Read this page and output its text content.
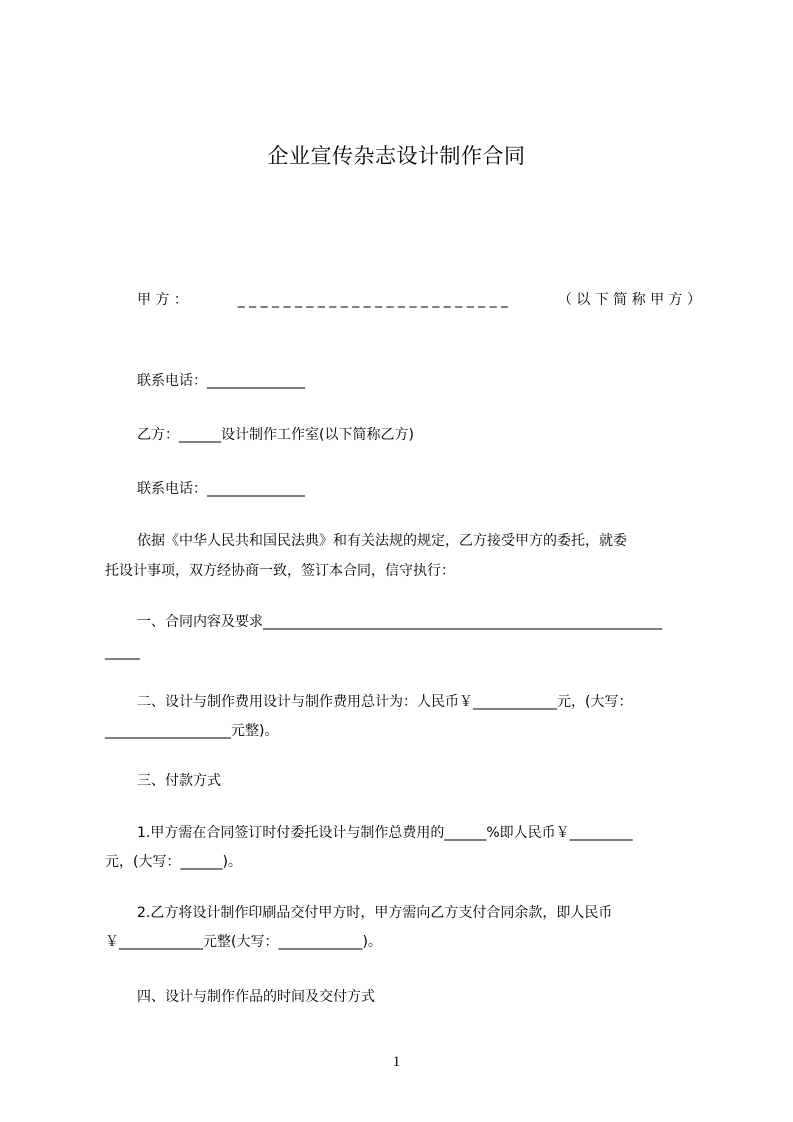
企业宣传杂志设计制作合同
甲 方 ：	_ _ _ _ _ _ _ _ _ _ _ _ _ _ _ _ _ _ _ _ _ _ _ _	（ 以 下 简 称 甲 方 ）
联系电话：______________
乙方：______设计制作工作室(以下简称乙方)
联系电话：______________
依据《中华人民共和国民法典》和有关法规的规定，乙方接受甲方的委托，就委
托设计事项，双方经协商一致，签订本合同，信守执行：
一、合同内容及要求_________________________________________________________
_____
二、设计与制作费用设计与制作费用总计为：人民币￥____________元，(大写：
__________________元整)。
三、付款方式
1.甲方需在合同签订时付委托设计与制作总费用的______%即人民币￥_________
元，(大写：______)。
2.乙方将设计制作印刷品交付甲方时，甲方需向乙方支付合同余款，即人民币
￥____________元整(大写：____________)。
四、设计与制作作品的时间及交付方式
1
